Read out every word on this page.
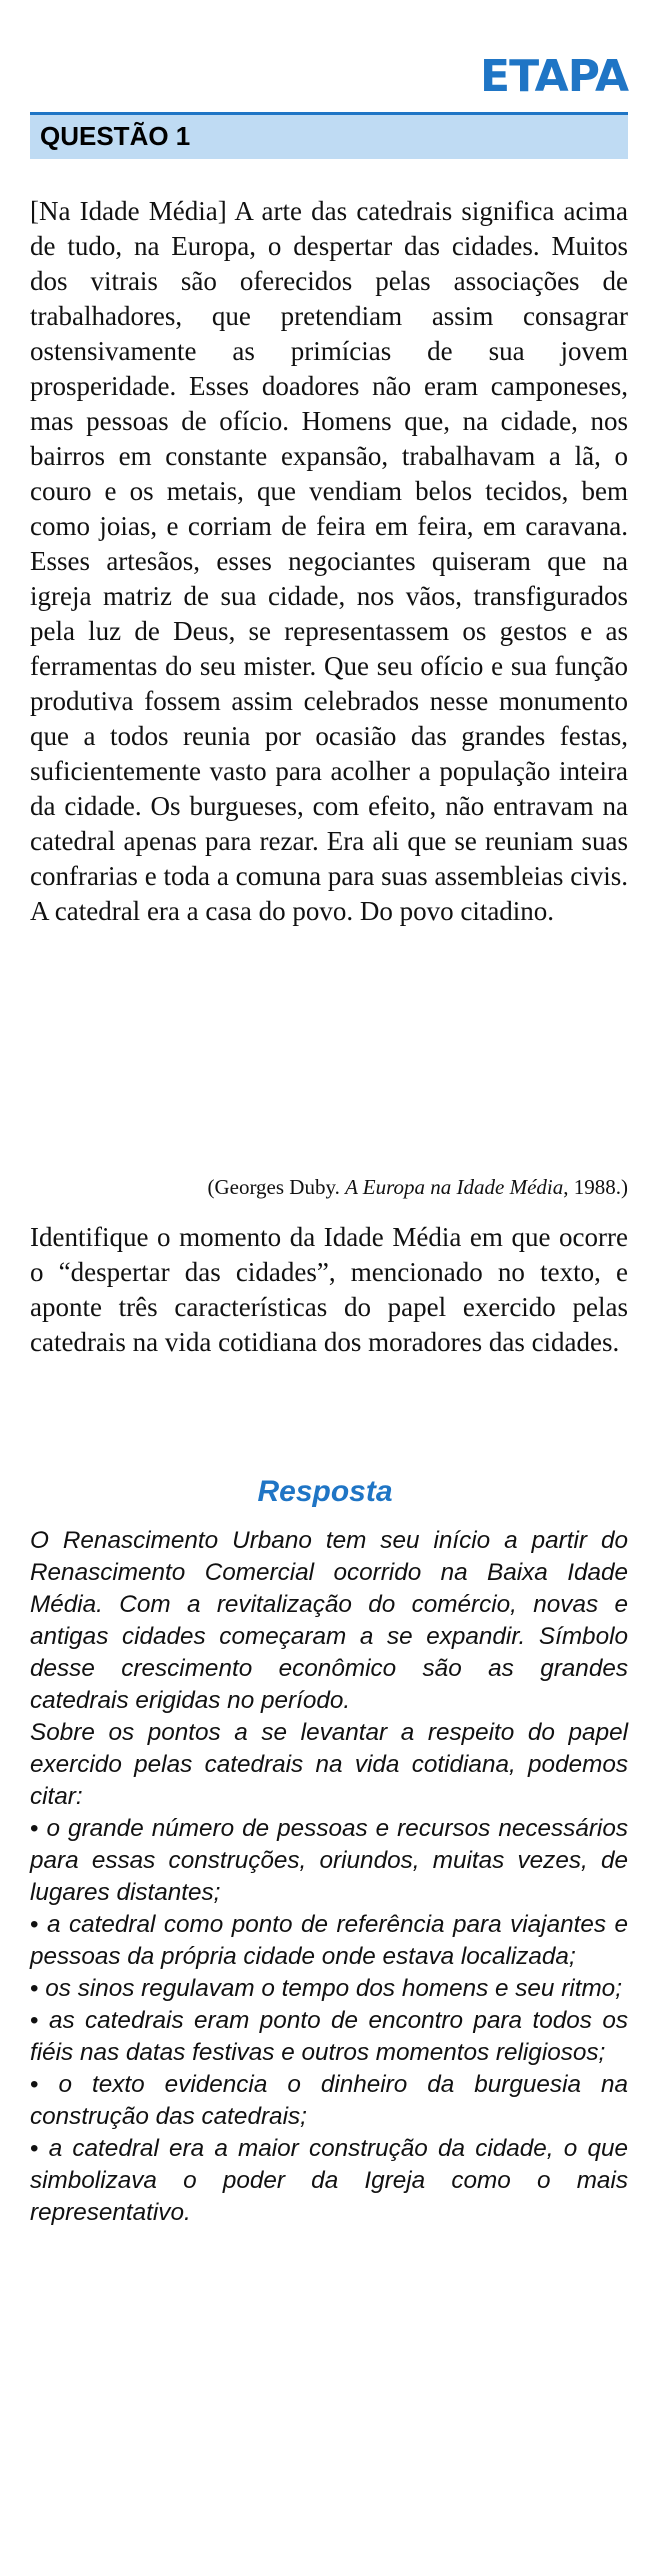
ETAPA
QUESTÃO 1

[Na Idade Média] A arte das catedrais significa acima de tudo, na Europa, o despertar das cidades. Muitos dos vitrais são oferecidos pelas associações de trabalhadores, que pretendiam assim consagrar ostensivamente as primícias de sua jovem prosperidade. Esses doadores não eram camponeses, mas pessoas de ofício. Homens que, na cidade, nos bairros em constante expansão, trabalhavam a lã, o couro e os metais, que vendiam belos tecidos, bem como joias, e corriam de feira em feira, em caravana. Esses artesãos, esses negociantes quiseram que na igreja matriz de sua cidade, nos vãos, transfigurados pela luz de Deus, se representassem os gestos e as ferramentas do seu mister. Que seu ofício e sua função produtiva fossem assim celebrados nesse monumento que a todos reunia por ocasião das grandes festas, suficientemente vasto para acolher a população inteira da cidade. Os burgueses, com efeito, não entravam na catedral apenas para rezar. Era ali que se reuniam suas confrarias e toda a comuna para suas assembleias civis. A catedral era a casa do povo. Do povo citadino.

(Georges Duby. A Europa na Idade Média, 1988.)

Identifique o momento da Idade Média em que ocorre o “despertar das cidades”, mencionado no texto, e aponte três características do papel exercido pelas catedrais na vida cotidiana dos moradores das cidades.

Resposta

O Renascimento Urbano tem seu início a partir do Renascimento Comercial ocorrido na Baixa Idade Média. Com a revitalização do comércio, novas e antigas cidades começaram a se expandir. Símbolo desse crescimento econômico são as grandes catedrais erigidas no período.

Sobre os pontos a se levantar a respeito do papel exercido pelas catedrais na vida cotidiana, podemos citar:

• o grande número de pessoas e recursos necessários para essas construções, oriundos, muitas vezes, de lugares distantes;
• a catedral como ponto de referência para viajantes e pessoas da própria cidade onde estava localizada;
• os sinos regulavam o tempo dos homens e seu ritmo;
• as catedrais eram ponto de encontro para todos os fiéis nas datas festivas e outros momentos religiosos;
• o texto evidencia o dinheiro da burguesia na construção das catedrais;
• a catedral era a maior construção da cidade, o que simbolizava o poder da Igreja como o mais representativo.
